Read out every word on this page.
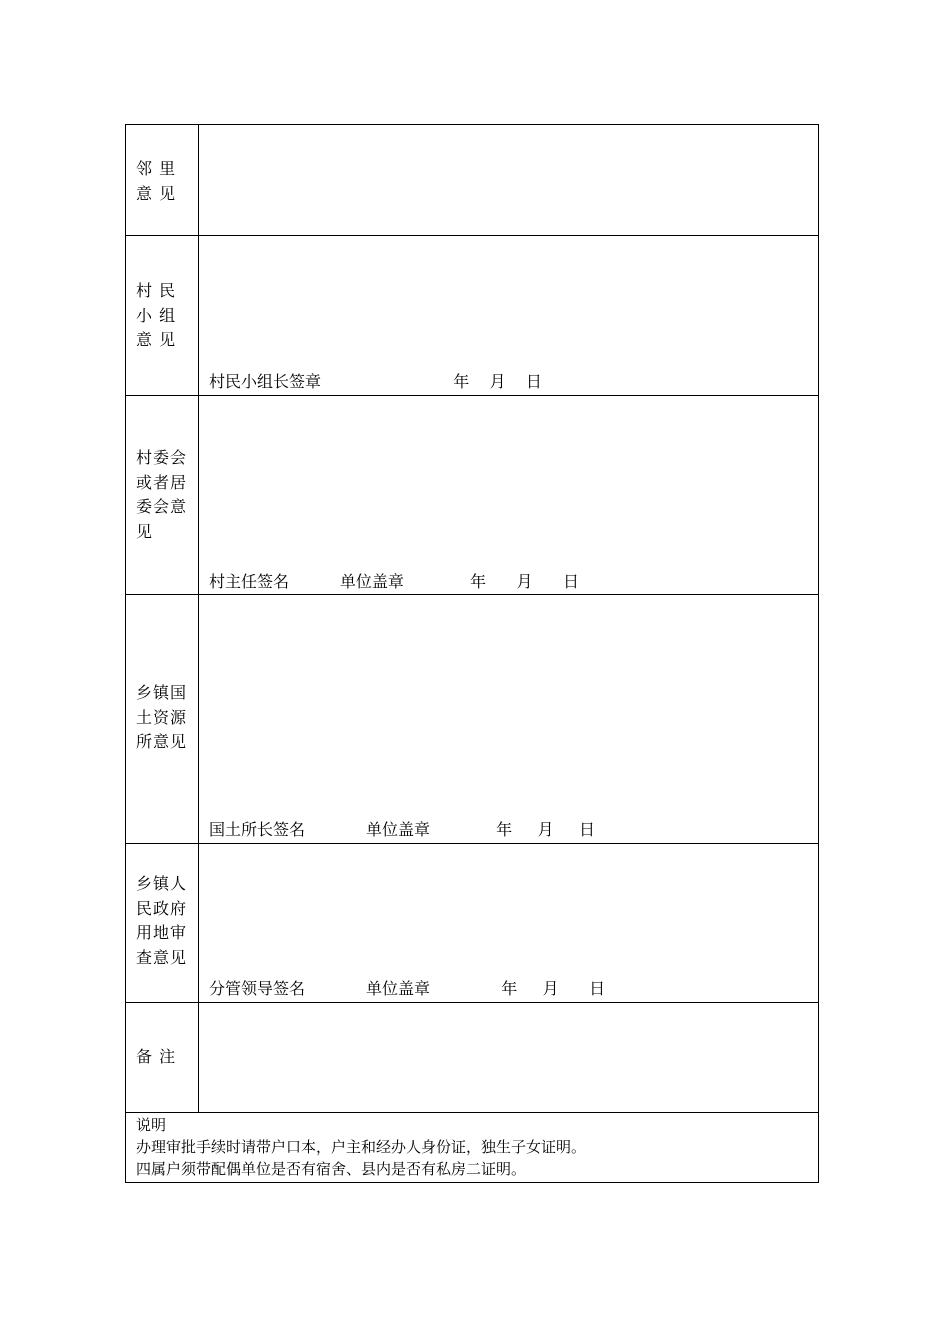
邻 里 意 见	

村 民 小 组 意 见	村民小组长签章                          年    月    日

村委会或者居委会意见	村主任签名          单位盖章             年      月      日

乡镇国土资源所意见	国土所长签名            单位盖章             年     月     日

乡镇人民政府用地审查意见	分管领导签名            单位盖章              年     月      日

备 注	

说明
办理审批手续时请带户口本，户主和经办人身份证，独生子女证明。
四属户须带配偶单位是否有宿舍、县内是否有私房二证明。	
